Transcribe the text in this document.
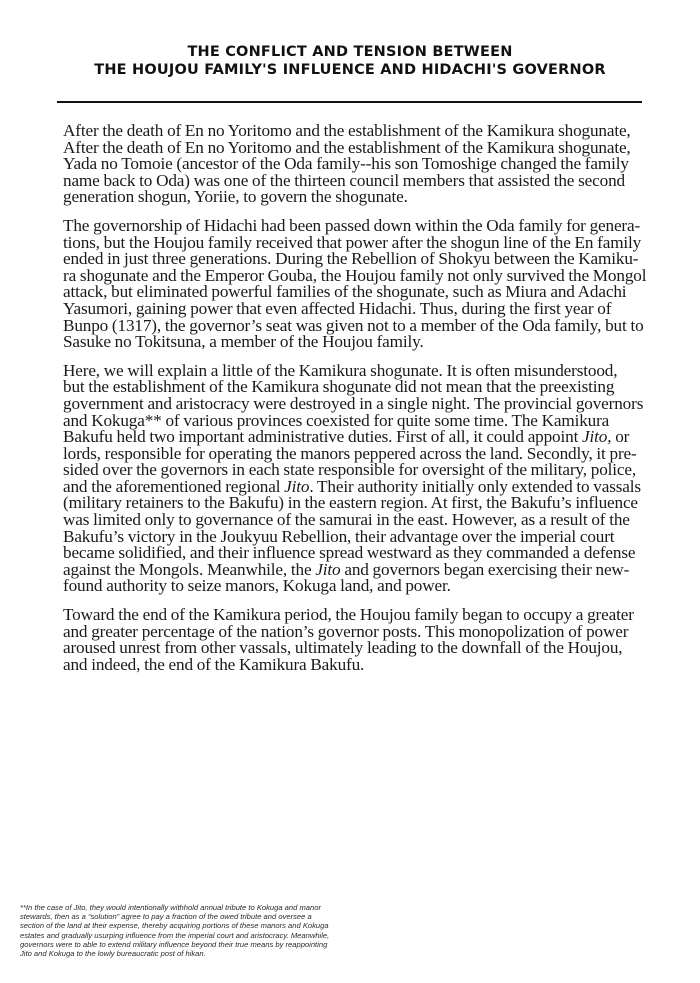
THE CONFLICT AND TENSION BETWEEN
THE HOUJOU FAMILY'S INFLUENCE AND HIDACHI'S GOVERNOR

After the death of En no Yoritomo and the establishment of the Kamikura shogunate,
After the death of En no Yoritomo and the establishment of the Kamikura shogunate,
Yada no Tomoie (ancestor of the Oda family--his son Tomoshige changed the family
name back to Oda) was one of the thirteen council members that assisted the second
generation shogun, Yoriie, to govern the shogunate.

The governorship of Hidachi had been passed down within the Oda family for genera-
tions, but the Houjou family received that power after the shogun line of the En family
ended in just three generations. During the Rebellion of Shokyu between the Kamiku-
ra shogunate and the Emperor Gouba, the Houjou family not only survived the Mongol
attack, but eliminated powerful families of the shogunate, such as Miura and Adachi
Yasumori, gaining power that even affected Hidachi. Thus, during the first year of
Bunpo (1317), the governor’s seat was given not to a member of the Oda family, but to
Sasuke no Tokitsuna, a member of the Houjou family.

Here, we will explain a little of the Kamikura shogunate. It is often misunderstood,
but the establishment of the Kamikura shogunate did not mean that the preexisting
government and aristocracy were destroyed in a single night. The provincial governors
and Kokuga** of various provinces coexisted for quite some time. The Kamikura
Bakufu held two important administrative duties. First of all, it could appoint Jito, or
lords, responsible for operating the manors peppered across the land. Secondly, it pre-
sided over the governors in each state responsible for oversight of the military, police,
and the aforementioned regional Jito. Their authority initially only extended to vassals
(military retainers to the Bakufu) in the eastern region. At first, the Bakufu’s influence
was limited only to governance of the samurai in the east. However, as a result of the
Bakufu’s victory in the Joukyuu Rebellion, their advantage over the imperial court
became solidified, and their influence spread westward as they commanded a defense
against the Mongols. Meanwhile, the Jito and governors began exercising their new-
found authority to seize manors, Kokuga land, and power.

Toward the end of the Kamikura period, the Houjou family began to occupy a greater
and greater percentage of the nation’s governor posts. This monopolization of power
aroused unrest from other vassals, ultimately leading to the downfall of the Houjou,
and indeed, the end of the Kamikura Bakufu.

**In the case of Jito, they would intentionally withhold annual tribute to Kokuga and manor
stewards, then as a “solution” agree to pay a fraction of the owed tribute and oversee a
section of the land at their expense, thereby acquiring portions of these manors and Kokuga
estates and gradually usurping influence from the imperial court and aristocracy. Meanwhile,
governors were to able to extend military influence beyond their true means by reappointing
Jito and Kokuga to the lowly bureaucratic post of hikan.
